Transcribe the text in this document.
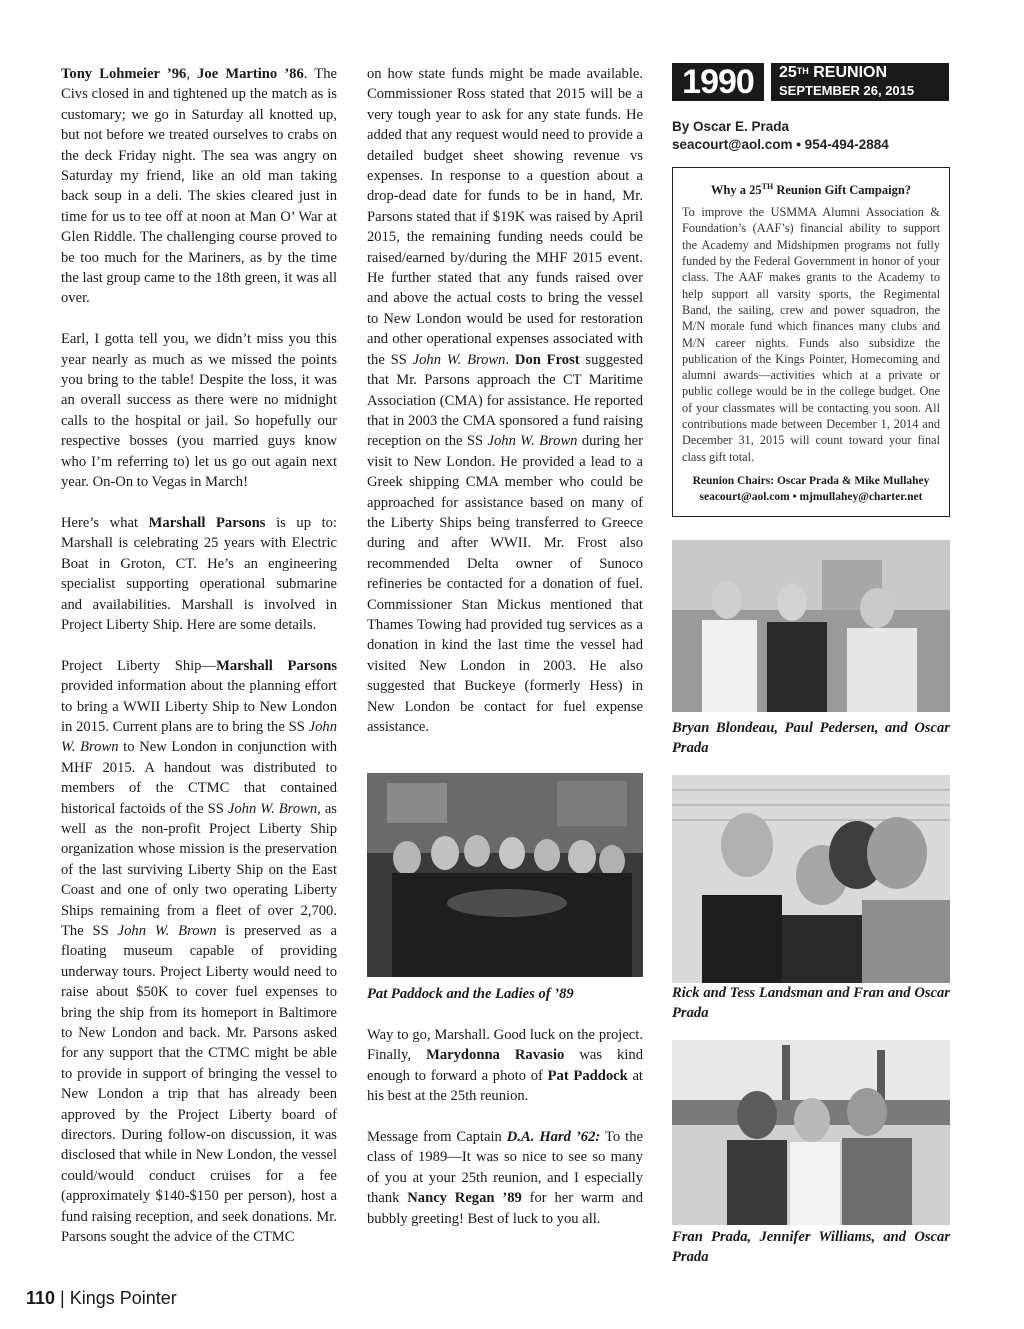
Tony Lohmeier ’96, Joe Martino ’86. The Civs closed in and tightened up the match as is customary; we go in Saturday all knotted up, but not before we treated ourselves to crabs on the deck Friday night. The sea was angry on Saturday my friend, like an old man taking back soup in a deli. The skies cleared just in time for us to tee off at noon at Man O’ War at Glen Riddle. The challenging course proved to be too much for the Mariners, as by the time the last group came to the 18th green, it was all over.

Earl, I gotta tell you, we didn’t miss you this year nearly as much as we missed the points you bring to the table! Despite the loss, it was an overall success as there were no midnight calls to the hospital or jail. So hopefully our respective bosses (you married guys know who I’m referring to) let us go out again next year. On-On to Vegas in March!

Here’s what Marshall Parsons is up to: Marshall is celebrating 25 years with Electric Boat in Groton, CT. He’s an engineering specialist supporting operational submarine and availabilities. Marshall is involved in Project Liberty Ship. Here are some details.

Project Liberty Ship—Marshall Parsons provided information about the planning effort to bring a WWII Liberty Ship to New London in 2015. Current plans are to bring the SS John W. Brown to New London in conjunction with MHF 2015. A handout was distributed to members of the CTMC that contained historical factoids of the SS John W. Brown, as well as the non-profit Project Liberty Ship organization whose mission is the preservation of the last surviving Liberty Ship on the East Coast and one of only two operating Liberty Ships remaining from a fleet of over 2,700. The SS John W. Brown is preserved as a floating museum capable of providing underway tours. Project Liberty would need to raise about $50K to cover fuel expenses to bring the ship from its homeport in Baltimore to New London and back. Mr. Parsons asked for any support that the CTMC might be able to provide in support of bringing the vessel to New London a trip that has already been approved by the Project Liberty board of directors. During follow-on discussion, it was disclosed that while in New London, the vessel could/would conduct cruises for a fee (approximately $140-$150 per person), host a fund raising reception, and seek donations. Mr. Parsons sought the advice of the CTMC

on how state funds might be made available. Commissioner Ross stated that 2015 will be a very tough year to ask for any state funds. He added that any request would need to provide a detailed budget sheet showing revenue vs expenses. In response to a question about a drop-dead date for funds to be in hand, Mr. Parsons stated that if $19K was raised by April 2015, the remaining funding needs could be raised/earned by/during the MHF 2015 event. He further stated that any funds raised over and above the actual costs to bring the vessel to New London would be used for restoration and other operational expenses associated with the SS John W. Brown. Don Frost suggested that Mr. Parsons approach the CT Maritime Association (CMA) for assistance. He reported that in 2003 the CMA sponsored a fund raising reception on the SS John W. Brown during her visit to New London. He provided a lead to a Greek shipping CMA member who could be approached for assistance based on many of the Liberty Ships being transferred to Greece during and after WWII. Mr. Frost also recommended Delta owner of Sunoco refineries be contacted for a donation of fuel. Commissioner Stan Mickus mentioned that Thames Towing had provided tug services as a donation in kind the last time the vessel had visited New London in 2003. He also suggested that Buckeye (formerly Hess) in New London be contact for fuel expense assistance.

Pat Paddock and the Ladies of ’89

Way to go, Marshall. Good luck on the project. Finally, Marydonna Ravasio was kind enough to forward a photo of Pat Paddock at his best at the 25th reunion.

Message from Captain D.A. Hard ’62: To the class of 1989—It was so nice to see so many of you at your 25th reunion, and I especially thank Nancy Regan ’89 for her warm and bubbly greeting! Best of luck to you all.

1990	25TH REUNION
SEPTEMBER 26, 2015
By Oscar E. Prada
seacourt@aol.com • 954-494-2884
Why a 25TH Reunion Gift Campaign?
To improve the USMMA Alumni Association & Foundation’s (AAF’s) financial ability to support the Academy and Midshipmen programs not fully funded by the Federal Government in honor of your class. The AAF makes grants to the Academy to help support all varsity sports, the Regimental Band, the sailing, crew and power squadron, the M/N morale fund which finances many clubs and M/N career nights. Funds also subsidize the publication of the Kings Pointer, Homecoming and alumni awards—activities which at a private or public college would be in the college budget. One of your classmates will be contacting you soon. All contributions made between December 1, 2014 and December 31, 2015 will count toward your final class gift total.
Reunion Chairs: Oscar Prada & Mike Mullahey
seacourt@aol.com • mjmullahey@charter.net
Bryan Blondeau, Paul Pedersen, and Oscar Prada
Rick and Tess Landsman and Fran and Oscar Prada
Fran Prada, Jennifer Williams, and Oscar Prada
110 | Kings Pointer
